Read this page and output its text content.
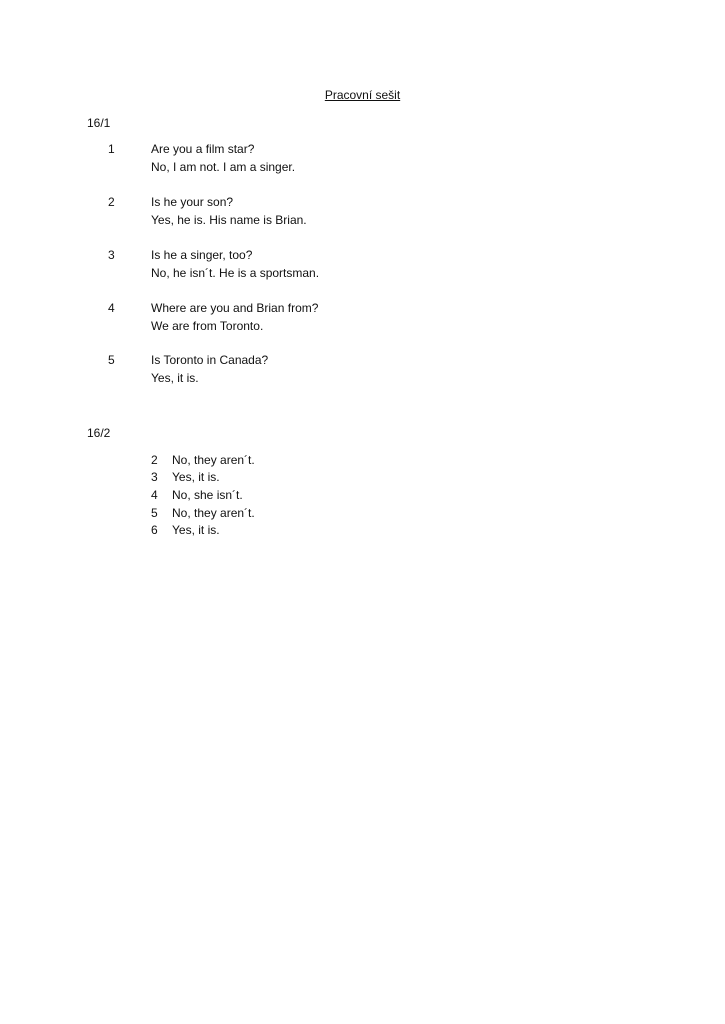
Pracovní sešit
16/1
1	Are you a film star?
No, I am not. I am a singer.
2	Is he your son?
Yes, he is. His name is Brian.
3	Is he a singer, too?
No, he isn´t. He is a sportsman.
4	Where are you and Brian from?
We are from Toronto.
5	Is Toronto in Canada?
Yes, it is.
16/2
2 No, they aren´t.
3 Yes, it is.
4 No, she isn´t.
5 No, they aren´t.
6 Yes, it is.
